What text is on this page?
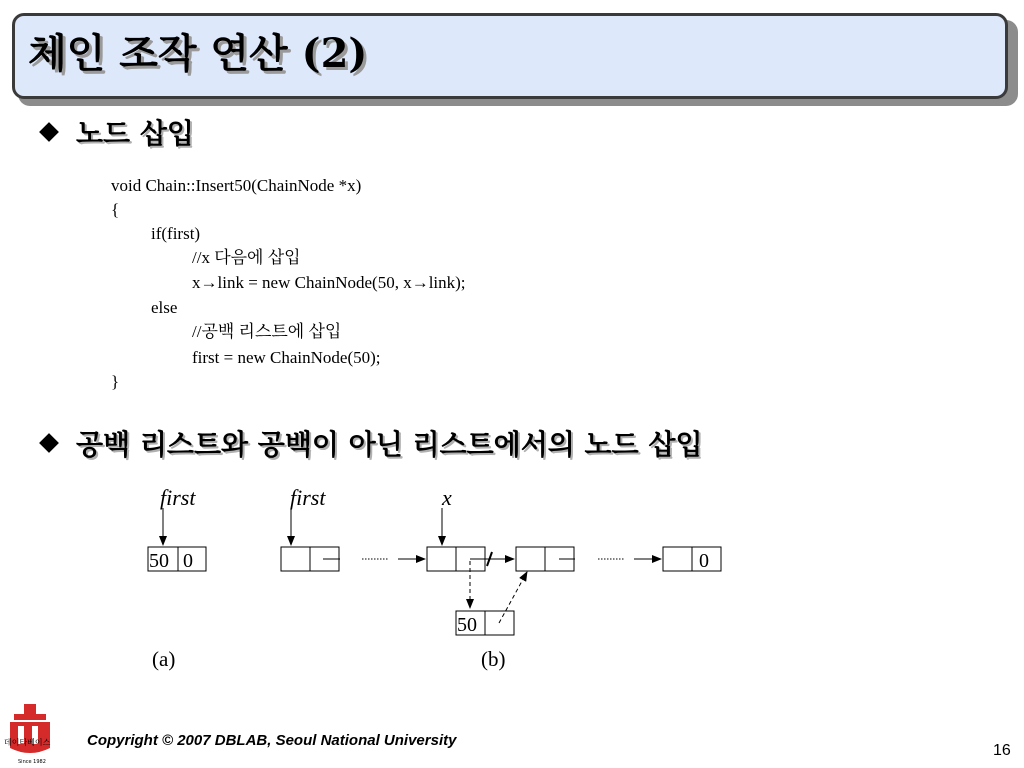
체인 조작 연산 (2)
노드 삽입
void Chain::Insert50(ChainNode *x)
{
if(first)
//x 다음에 삽입
x→link = new ChainNode(50, x→link);
else
//공백 리스트에 삽입
first = new ChainNode(50);
}
공백 리스트와 공백이 아닌 리스트에서의 노드 삽입
first	first	x
50 0	0
50
(a)	(b)
데이타베이스
Since 1982
Copyright © 2007 DBLAB, Seoul National University
16
